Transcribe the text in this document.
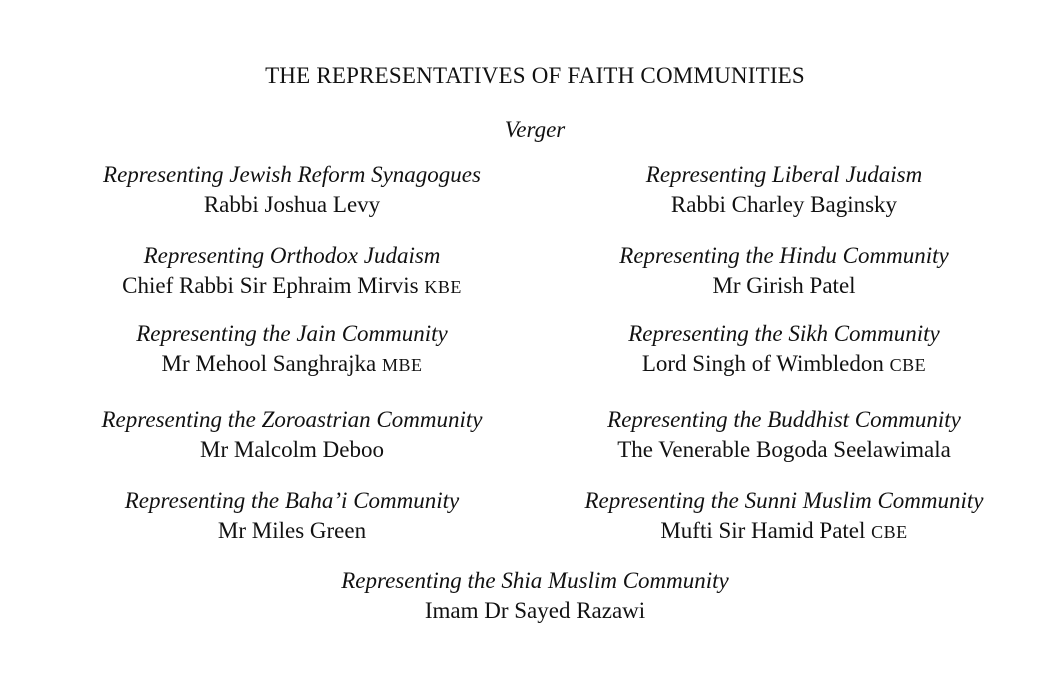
THE REPRESENTATIVES OF FAITH COMMUNITIES
Verger
Representing Jewish Reform Synagogues
Rabbi Joshua Levy
Representing Liberal Judaism
Rabbi Charley Baginsky
Representing Orthodox Judaism
Chief Rabbi Sir Ephraim Mirvis KBE
Representing the Hindu Community
Mr Girish Patel
Representing the Jain Community
Mr Mehool Sanghrajka MBE
Representing the Sikh Community
Lord Singh of Wimbledon CBE
Representing the Zoroastrian Community
Mr Malcolm Deboo
Representing the Buddhist Community
The Venerable Bogoda Seelawimala
Representing the Baha’i Community
Mr Miles Green
Representing the Sunni Muslim Community
Mufti Sir Hamid Patel CBE
Representing the Shia Muslim Community
Imam Dr Sayed Razawi
